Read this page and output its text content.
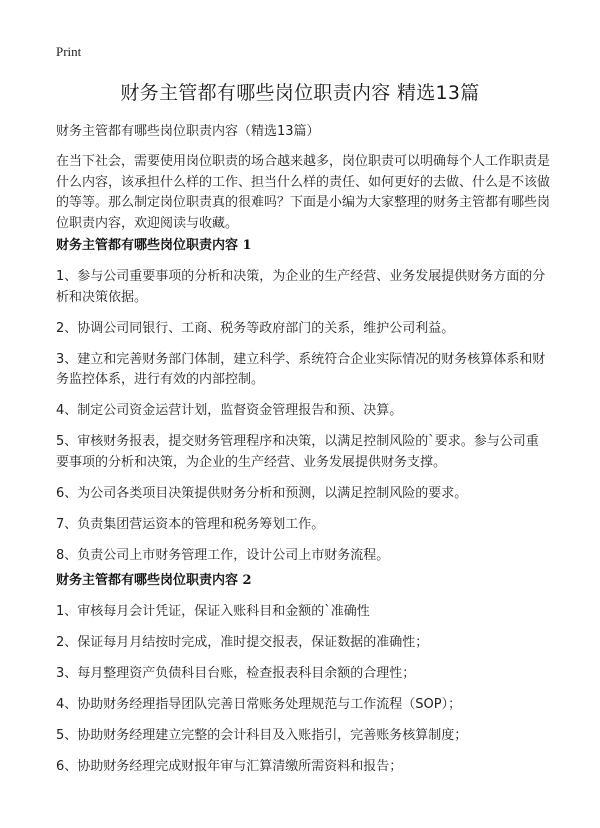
Print
财务主管都有哪些岗位职责内容 精选13篇
财务主管都有哪些岗位职责内容（精选13篇）

在当下社会，需要使用岗位职责的场合越来越多，岗位职责可以明确每个人工作职责是什么内容，该承担什么样的工作、担当什么样的责任、如何更好的去做、什么是不该做的等等。那么制定岗位职责真的很难吗？下面是小编为大家整理的财务主管都有哪些岗位职责内容，欢迎阅读与收藏。

财务主管都有哪些岗位职责内容 1

1、参与公司重要事项的分析和决策，为企业的生产经营、业务发展提供财务方面的分析和决策依据。

2、协调公司同银行、工商、税务等政府部门的关系，维护公司利益。

3、建立和完善财务部门体制，建立科学、系统符合企业实际情况的财务核算体系和财务监控体系，进行有效的内部控制。

4、制定公司资金运营计划，监督资金管理报告和预、决算。

5、审核财务报表，提交财务管理程序和决策，以满足控制风险的`要求。参与公司重要事项的分析和决策，为企业的生产经营、业务发展提供财务支撑。

6、为公司各类项目决策提供财务分析和预测，以满足控制风险的要求。

7、负责集团营运资本的管理和税务筹划工作。

8、负责公司上市财务管理工作，设计公司上市财务流程。

财务主管都有哪些岗位职责内容 2

1、审核每月会计凭证，保证入账科目和金额的`准确性

2、保证每月月结按时完成，准时提交报表，保证数据的准确性；

3、每月整理资产负债科目台账，检查报表科目余额的合理性；

4、协助财务经理指导团队完善日常账务处理规范与工作流程（SOP）；

5、协助财务经理建立完整的会计科目及入账指引，完善账务核算制度；

6、协助财务经理完成财报年审与汇算清缴所需资料和报告；
